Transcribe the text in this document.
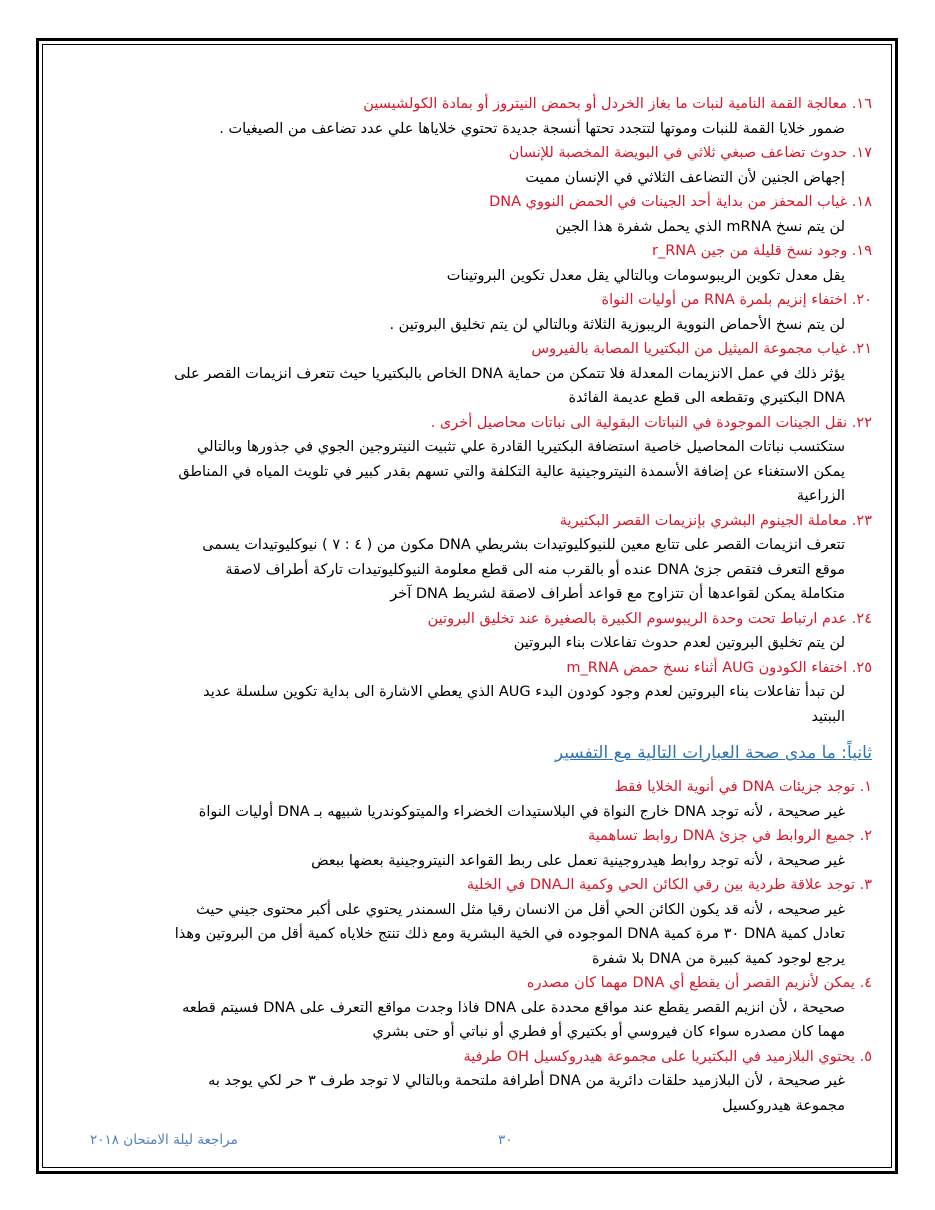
١٦. معالجة القمة النامية لنبات ما بغاز الخردل أو بحمض النيتروز أو بمادة الكولشيسين

ضمور خلايا القمة للنبات وموتها لتتجدد تحتها أنسجة جديدة تحتوي خلاياها علي عدد تضاعف من الصيغيات .

١٧. حدوث تضاعف صبغي ثلاثي في البويضة المخصبة للإنسان

إجهاض الجنين لأن التضاعف الثلاثي في الإنسان مميت

١٨. غياب المحفز من بداية أحد الجينات في الحمض النووي DNA

لن يتم نسخ mRNA الذي يحمل شفرة هذا الجين

١٩. وجود نسخ قليلة من جين r_RNA

يقل معدل تكوين الريبوسومات وبالتالي يقل معدل تكوين البروتينات

٢٠. اختفاء إنزيم بلمرة RNA من أوليات النواة

لن يتم نسخ الأحماض النووية الريبوزية الثلاثة وبالتالي لن يتم تخليق البروتين .

٢١. غياب مجموعة الميثيل من البكتيريا المصابة بالفيروس

يؤثر ذلك في عمل الانزيمات المعدلة فلا تتمكن من حماية DNA الخاص بالبكتيريا حيث تتعرف انزيمات القصر على

DNA البكتيري وتقطعه الى قطع عديمة الفائدة

٢٢. نقل الجينات الموجودة في النباتات البقولية الى نباتات محاصيل أخرى .

ستكتسب نباتات المحاصيل خاصية استضافة البكتيريا القادرة علي تثبيت النيتروجين الجوي في جذورها وبالتالي

يمكن الاستغناء عن إضافة الأسمدة النيتروجينية عالية التكلفة والتي تسهم بقدر كبير في تلويث المياه في المناطق

الزراعية

٢٣. معاملة الجينوم البشري بإنزيمات القصر البكتيرية

تتعرف انزيمات القصر على تتابع معين للنيوكليوتيدات بشريطي DNA مكون من ( ٤ : ٧ ) نيوكليوتيدات يسمى

موقع التعرف فتقص جزئ DNA عنده أو بالقرب منه الى قطع معلومة النيوكليوتيدات تاركة أطراف لاصقة

متكاملة يمكن لقواعدها أن تتزاوج مع قواعد أطراف لاصقة لشريط DNA آخر

٢٤. عدم ارتباط تحت وحدة الريبوسوم الكبيرة بالصغيرة عند تخليق البروتين

لن يتم تخليق البروتين لعدم حدوث تفاعلات بناء البروتين

٢٥. اختفاء الكودون AUG أثناء نسخ حمض m_RNA

لن تبدأ تفاعلات بناء البروتين لعدم وجود كودون البدء AUG الذي يعطي الاشارة الى بداية تكوين سلسلة عديد

الببتيد

ثانياً: ما مدى صحة العبارات التالية مع التفسير

١. توجد جزيئات DNA في أنوية الخلايا فقط

غير صحيحة ، لأنه توجد DNA خارج النواة في البلاستيدات الخضراء والميتوكوندريا شبيهه بـ DNA أوليات النواة

٢. جميع الروابط في جزئ DNA روابط تساهمية

غير صحيحة ، لأنه توجد روابط هيدروجينية تعمل على ربط القواعد النيتروجينية بعضها ببعض

٣. توجد علاقة طردية بين رقي الكائن الحي وكمية الـDNA في الخلية

غير صحيحه ، لأنه قد يكون الكائن الحي أقل من الانسان رقيا مثل السمندر يحتوي على أكبر محتوى جيني حيث

تعادل كمية DNA ٣٠ مرة كمية DNA الموجوده في الخية البشرية ومع ذلك تنتج خلاياه كمية أقل من البروتين وهذا

يرجع لوجود كمية كبيرة من DNA بلا شفرة

٤. يمكن لأنزيم القصر أن يقطع أي DNA مهما كان مصدره

صحيحة ، لأن انزيم القصر يقطع عند مواقع محددة على DNA فاذا وجدت مواقع التعرف على DNA فسيتم قطعه

مهما كان مصدره سواء كان فيروسي أو بكتيري أو فطري أو نباتي أو حتى بشري

٥. يحتوي البلازميد في البكتيريا على مجموعة هيدروكسيل OH طرفية

غير صحيحة ، لأن البلازميد حلقات دائرية من DNA أطرافة ملتحمة وبالتالي لا توجد طرف ٣ حر لكي يوجد به

مجموعة هيدروكسيل

مراجعة ليلة الامتحان ٢٠١٨	٣٠
